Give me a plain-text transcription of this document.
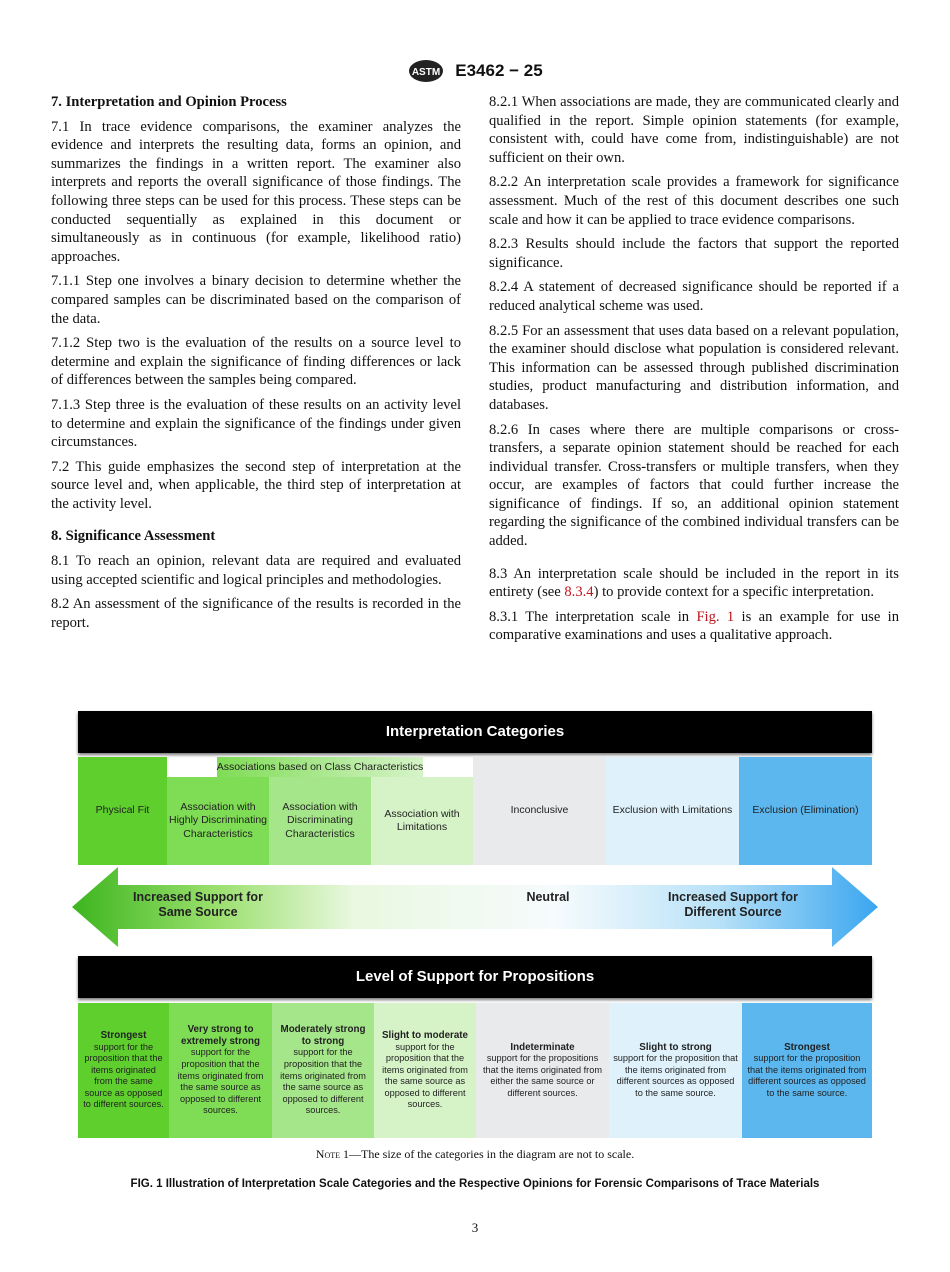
ASTM E3462 − 25
7. Interpretation and Opinion Process

7.1 In trace evidence comparisons, the examiner analyzes the evidence and interprets the resulting data, forms an opinion, and summarizes the findings in a written report. The examiner also interprets and reports the overall significance of those findings. The following three steps can be used for this process. These steps can be conducted sequentially as explained in this document or simultaneously as in continuous (for example, likelihood ratio) approaches.

7.1.1 Step one involves a binary decision to determine whether the compared samples can be discriminated based on the comparison of the data.

7.1.2 Step two is the evaluation of the results on a source level to determine and explain the significance of finding differences or lack of differences between the samples being compared.

7.1.3 Step three is the evaluation of these results on an activity level to determine and explain the significance of the findings under given circumstances.

7.2 This guide emphasizes the second step of interpretation at the source level and, when applicable, the third step of interpretation at the activity level.

8. Significance Assessment

8.1 To reach an opinion, relevant data are required and evaluated using accepted scientific and logical principles and methodologies.

8.2 An assessment of the significance of the results is recorded in the report.

8.2.1 When associations are made, they are communicated clearly and qualified in the report. Simple opinion statements (for example, consistent with, could have come from, indistinguishable) are not sufficient on their own.

8.2.2 An interpretation scale provides a framework for significance assessment. Much of the rest of this document describes one such scale and how it can be applied to trace evidence comparisons.

8.2.3 Results should include the factors that support the reported significance.

8.2.4 A statement of decreased significance should be reported if a reduced analytical scheme was used.

8.2.5 For an assessment that uses data based on a relevant population, the examiner should disclose what population is considered relevant. This information can be assessed through published discrimination studies, product manufacturing and distribution information, and databases.

8.2.6 In cases where there are multiple comparisons or cross-transfers, a separate opinion statement should be reached for each individual transfer. Cross-transfers or multiple transfers, when they occur, are examples of factors that could further increase the significance of findings. If so, an additional opinion statement regarding the significance of the combined individual transfers can be added.

8.3 An interpretation scale should be included in the report in its entirety (see 8.3.4) to provide context for a specific interpretation.

8.3.1 The interpretation scale in Fig. 1 is an example for use in comparative examinations and uses a qualitative approach.

Interpretation Categories
Physical Fit
Associations based on Class Characteristics
Association with Highly Discriminating Characteristics
Association with Discriminating Characteristics
Association with Limitations
Inconclusive	Exclusion with Limitations	Exclusion (Elimination)
Increased Support for Same Source
Neutral	Increased Support for Different Source
Level of Support for Propositions
Strongest
support for the proposition that the items originated from the same source as opposed to different sources.
Very strong to extremely strong
support for the proposition that the items originated from the same source as opposed to different sources.
Moderately strong to strong
support for the proposition that the items originated from the same source as opposed to different sources.
Slight to moderate
support for the proposition that the items originated from the same source as opposed to different sources.
Indeterminate
support for the propositions that the items originated from either the same source or different sources.
Slight to strong
support for the proposition that the items originated from different sources as opposed to the same source.
Strongest
support for the proposition that the items originated from different sources as opposed to the same source.
Note 1—The size of the categories in the diagram are not to scale.
FIG. 1 Illustration of Interpretation Scale Categories and the Respective Opinions for Forensic Comparisons of Trace Materials
3
